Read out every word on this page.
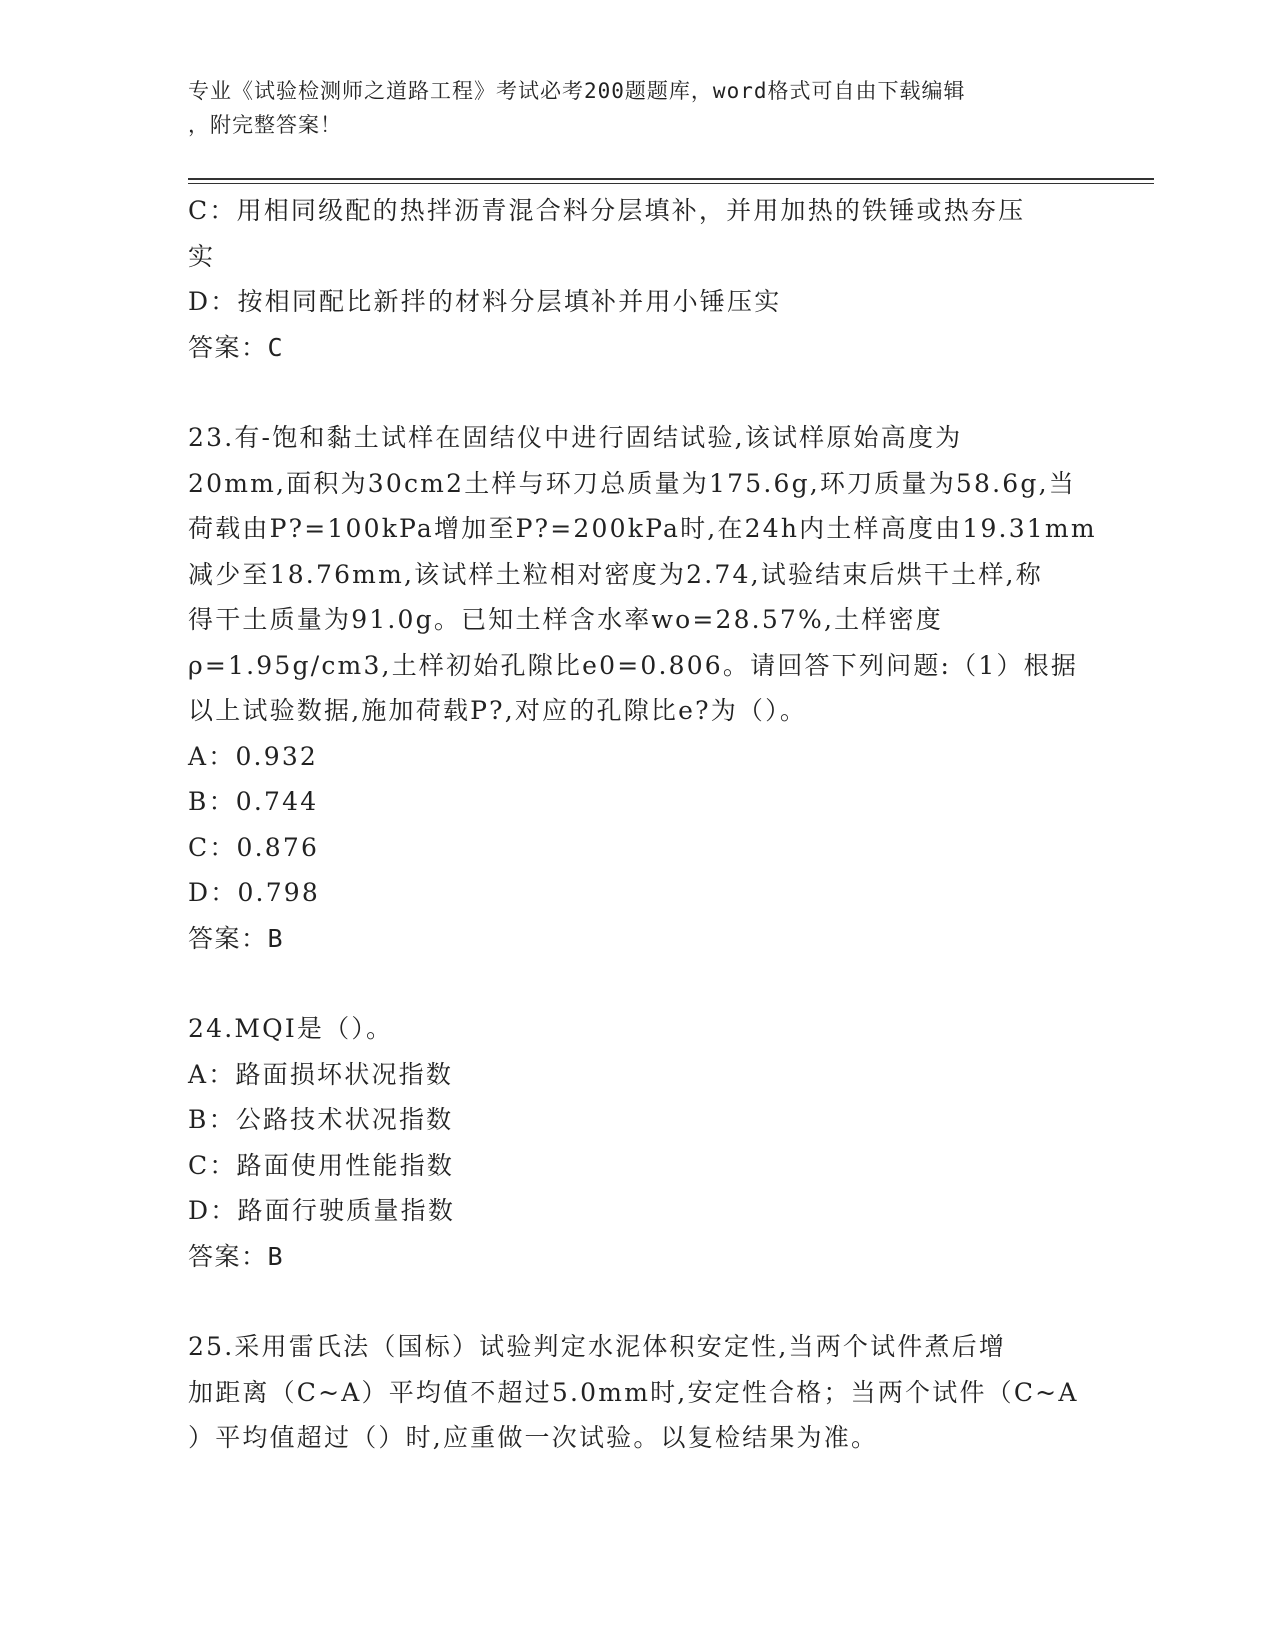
专业《试验检测师之道路工程》考试必考200题题库，word格式可自由下载编辑
，附完整答案！
C：用相同级配的热拌沥青混合料分层填补，并用加热的铁锤或热夯压
实
D：按相同配比新拌的材料分层填补并用小锤压实
答案：C
23.有-饱和黏土试样在固结仪中进行固结试验,该试样原始高度为
20mm,面积为30cm2土样与环刀总质量为175.6g,环刀质量为58.6g,当
荷载由P?=100kPa增加至P?=200kPa时,在24h内土样高度由19.31mm
减少至18.76mm,该试样土粒相对密度为2.74,试验结束后烘干土样,称
得干土质量为91.0g。已知土样含水率wo=28.57%,土样密度
ρ=1.95g/cm3,土样初始孔隙比e0=0.806。请回答下列问题:（1）根据
以上试验数据,施加荷载P?,对应的孔隙比e?为（）。
A：0.932
B：0.744
C：0.876
D：0.798
答案：B
24.MQI是（）。
A：路面损坏状况指数
B：公路技术状况指数
C：路面使用性能指数
D：路面行驶质量指数
答案：B
25.采用雷氏法（国标）试验判定水泥体积安定性,当两个试件煮后增
加距离（C~A）平均值不超过5.0mm时,安定性合格；当两个试件（C~A
）平均值超过（）时,应重做一次试验。以复检结果为准。
